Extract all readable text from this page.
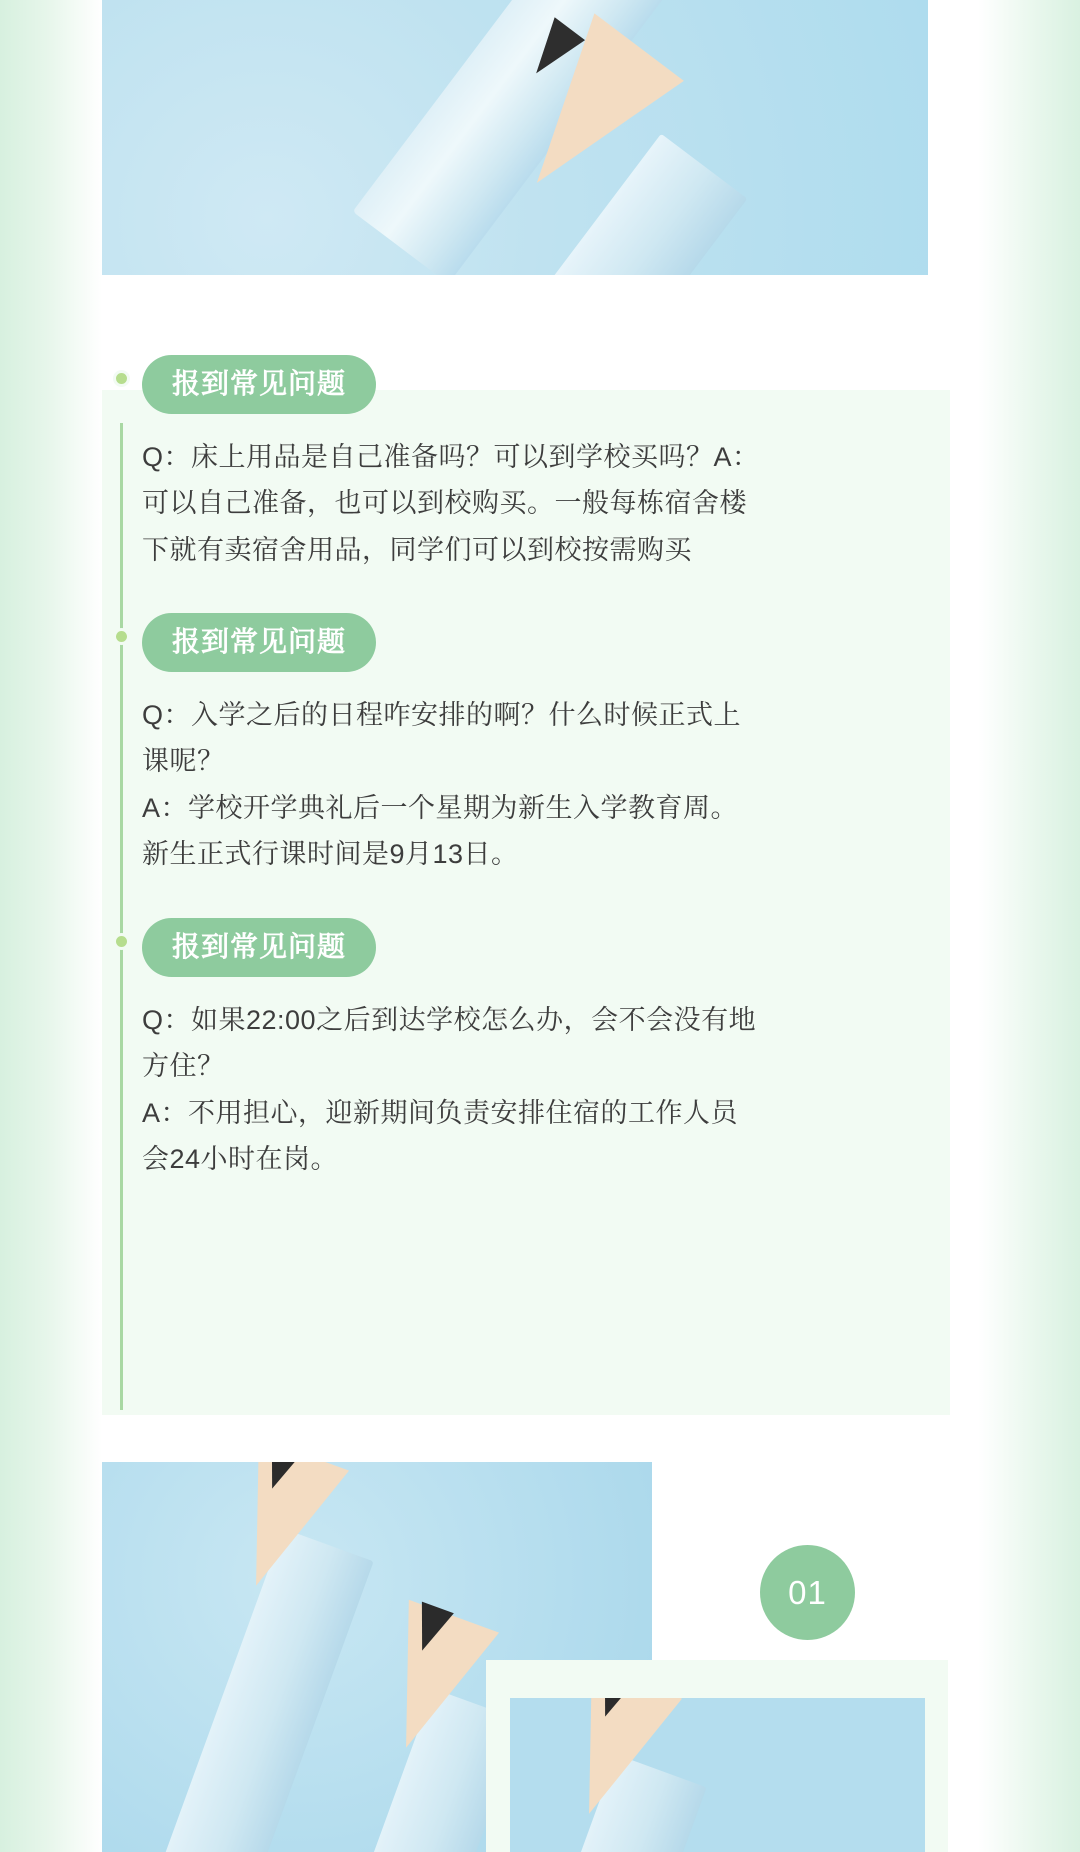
报到常见问题

Q：床上用品是自己准备吗？可以到学校买吗？A：

可以自己准备，也可以到校购买。一般每栋宿舍楼

下就有卖宿舍用品，同学们可以到校按需购买

报到常见问题

Q：入学之后的日程咋安排的啊？什么时候正式上

课呢？

A：学校开学典礼后一个星期为新生入学教育周。

新生正式行课时间是9月13日。

报到常见问题

Q：如果22:00之后到达学校怎么办，会不会没有地

方住？

A：不用担心，迎新期间负责安排住宿的工作人员

会24小时在岗。

01
